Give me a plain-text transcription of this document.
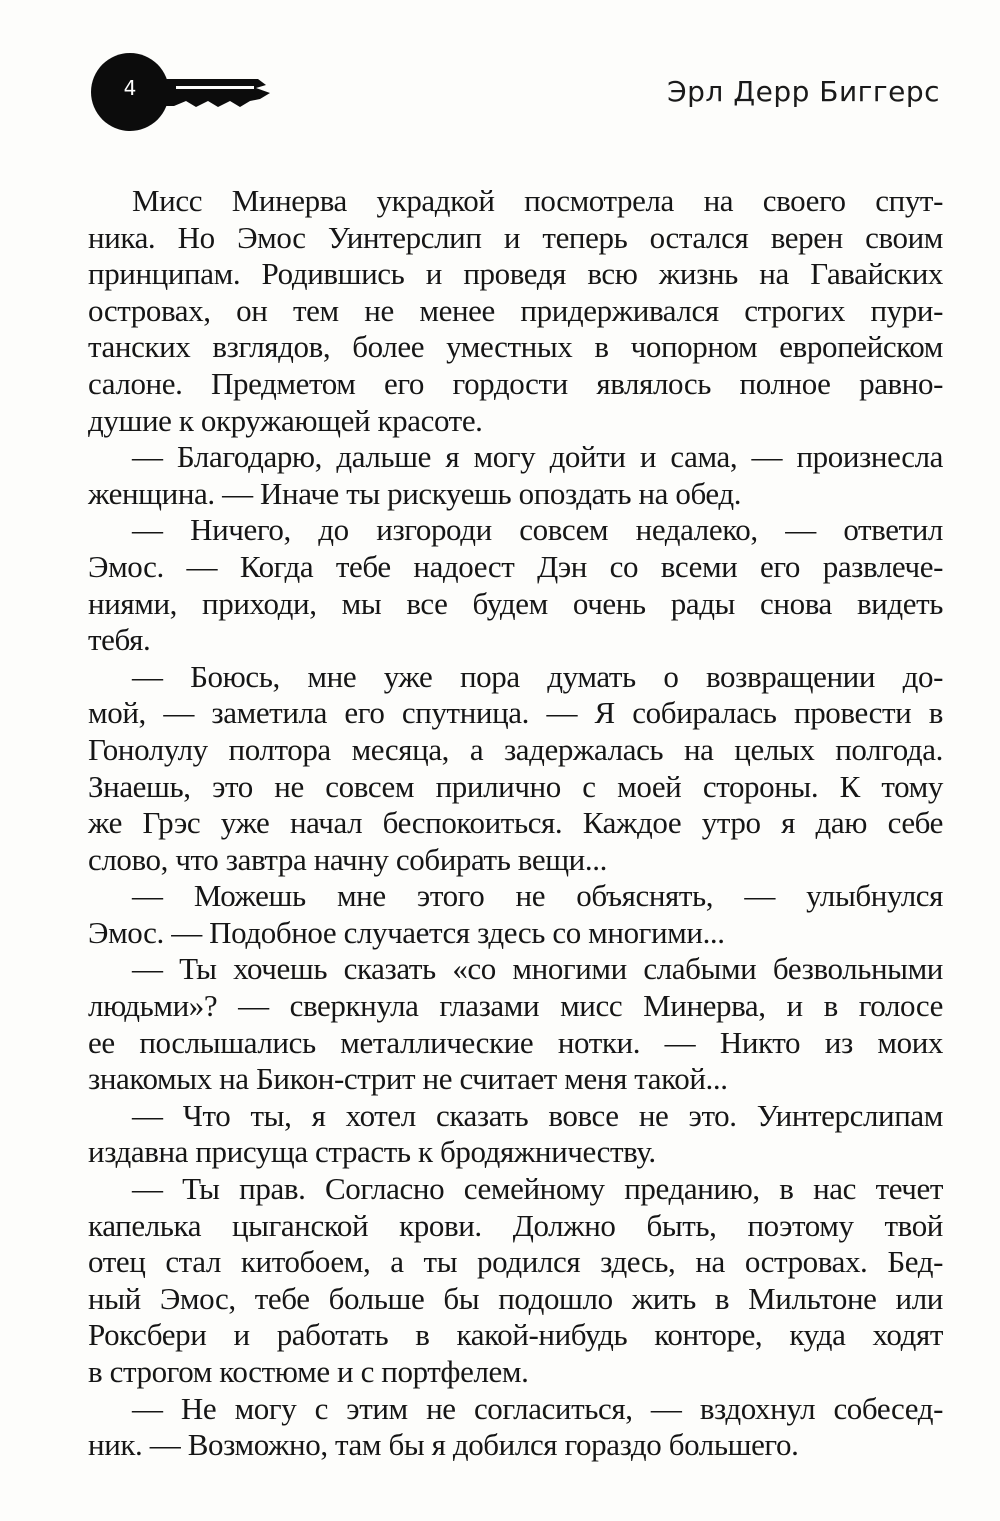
4	Эрл Дерр Биггерс
Мисс Минерва украдкой посмотрела на своего спут-
ника. Но Эмос Уинтерслип и теперь остался верен своим
принципам. Родившись и проведя всю жизнь на Гавайских
островах, он тем не менее придерживался строгих пури-
танских взглядов, более уместных в чопорном европейском
салоне. Предметом его гордости являлось полное равно-
душие к окружающей красоте.
— Благодарю, дальше я могу дойти и сама, — произнесла
женщина. — Иначе ты рискуешь опоздать на обед.
— Ничего, до изгороди совсем недалеко, — ответил
Эмос. — Когда тебе надоест Дэн со всеми его развлече-
ниями, приходи, мы все будем очень рады снова видеть
тебя.
— Боюсь, мне уже пора думать о возвращении до-
мой, — заметила его спутница. — Я собиралась провести в
Гонолулу полтора месяца, а задержалась на целых полгода.
Знаешь, это не совсем прилично с моей стороны. К тому
же Грэс уже начал беспокоиться. Каждое утро я даю себе
слово, что завтра начну собирать вещи...
— Можешь мне этого не объяснять, — улыбнулся
Эмос. — Подобное случается здесь со многими...
— Ты хочешь сказать «со многими слабыми безвольными
людьми»? — сверкнула глазами мисс Минерва, и в голосе
ее послышались металлические нотки. — Никто из моих
знакомых на Бикон-стрит не считает меня такой...
— Что ты, я хотел сказать вовсе не это. Уинтерслипам
издавна присуща страсть к бродяжничеству.
— Ты прав. Согласно семейному преданию, в нас течет
капелька цыганской крови. Должно быть, поэтому твой
отец стал китобоем, а ты родился здесь, на островах. Бед-
ный Эмос, тебе больше бы подошло жить в Мильтоне или
Роксбери и работать в какой-нибудь конторе, куда ходят
в строгом костюме и с портфелем.
— Не могу с этим не согласиться, — вздохнул собесед-
ник. — Возможно, там бы я добился гораздо большего.
